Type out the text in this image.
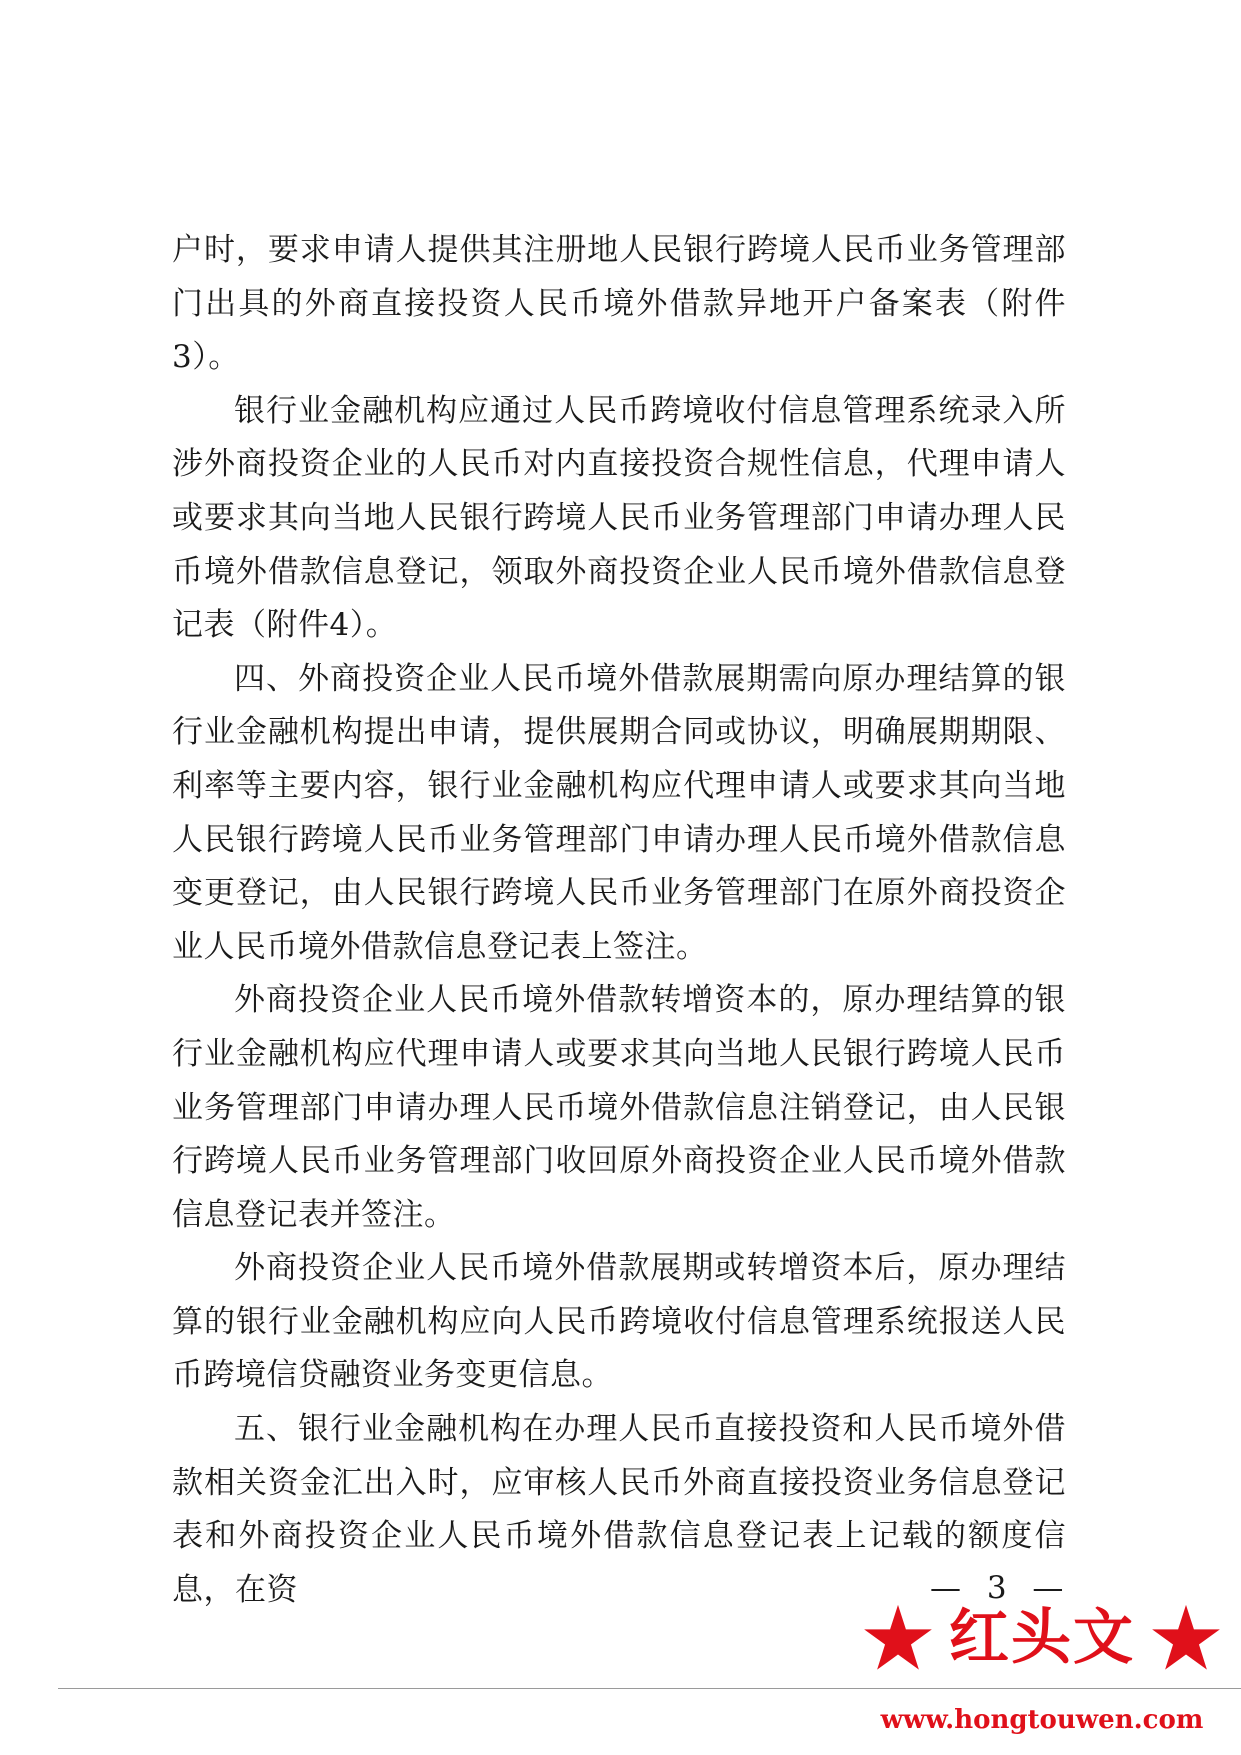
户时，要求申请人提供其注册地人民银行跨境人民币业务管理部门出具的外商直接投资人民币境外借款异地开户备案表（附件3）。

银行业金融机构应通过人民币跨境收付信息管理系统录入所涉外商投资企业的人民币对内直接投资合规性信息，代理申请人或要求其向当地人民银行跨境人民币业务管理部门申请办理人民币境外借款信息登记，领取外商投资企业人民币境外借款信息登记表（附件4）。

四、外商投资企业人民币境外借款展期需向原办理结算的银行业金融机构提出申请，提供展期合同或协议，明确展期期限、利率等主要内容，银行业金融机构应代理申请人或要求其向当地人民银行跨境人民币业务管理部门申请办理人民币境外借款信息变更登记，由人民银行跨境人民币业务管理部门在原外商投资企业人民币境外借款信息登记表上签注。

外商投资企业人民币境外借款转增资本的，原办理结算的银行业金融机构应代理申请人或要求其向当地人民银行跨境人民币业务管理部门申请办理人民币境外借款信息注销登记，由人民银行跨境人民币业务管理部门收回原外商投资企业人民币境外借款信息登记表并签注。

外商投资企业人民币境外借款展期或转增资本后，原办理结算的银行业金融机构应向人民币跨境收付信息管理系统报送人民币跨境信贷融资业务变更信息。

五、银行业金融机构在办理人民币直接投资和人民币境外借款相关资金汇出入时，应审核人民币外商直接投资业务信息登记表和外商投资企业人民币境外借款信息登记表上记载的额度信息，在资	— 3 —
红头文
www.hongtouwen.com
